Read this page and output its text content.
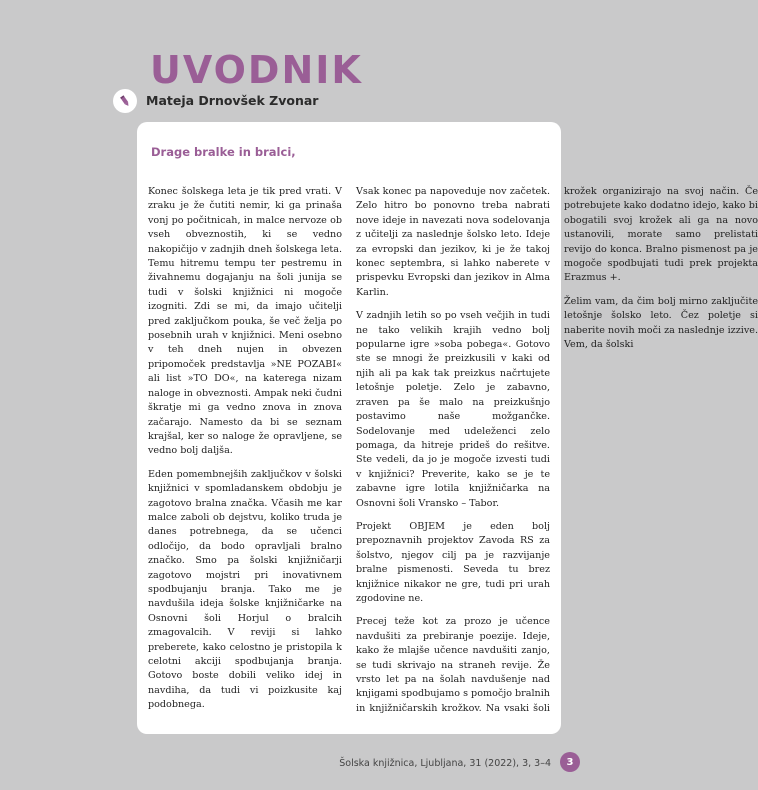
UVODNIK
Mateja Drnovšek Zvonar
Drage bralke in bralci,

Konec šolskega leta je tik pred vrati. V zraku je že čutiti nemir, ki ga prinaša vonj po počitnicah, in malce nervoze ob vseh obveznostih, ki se vedno nakopičijo v zadnjih dneh šolskega leta. Temu hitremu tempu ter pestremu in živahnemu dogajanju na šoli junija se tudi v šolski knjižnici ni mogoče izogniti. Zdi se mi, da imajo učitelji pred zaključkom pouka, še več želja po posebnih urah v knjižnici. Meni osebno v teh dneh nujen in obvezen pripomoček predstavlja »NE POZABI« ali list »TO DO«, na katerega nizam naloge in obveznosti. Ampak neki čudni škratje mi ga vedno znova in znova začarajo. Namesto da bi se seznam krajšal, ker so naloge že opravljene, se vedno bolj daljša.

Eden pomembnejših zaključkov v šolski knjižnici v spomladanskem obdobju je zagotovo bralna značka. Včasih me kar malce zaboli ob dejstvu, koliko truda je danes potrebnega, da se učenci odločijo, da bodo opravljali bralno značko. Smo pa šolski knjižničarji zagotovo mojstri pri inovativnem spodbujanju branja. Tako me je navdušila ideja šolske knjižničarke na Osnovni šoli Horjul o bralcih zmagovalcih. V reviji si lahko preberete, kako celostno je pristopila k celotni akciji spodbujanja branja. Gotovo boste dobili veliko idej in navdiha, da tudi vi poizkusite kaj podobnega.

Vsak konec pa napoveduje nov začetek. Zelo hitro bo ponovno treba nabrati nove ideje in navezati nova sodelovanja z učitelji za naslednje šolsko leto. Ideje za evropski dan jezikov, ki je že takoj konec septembra, si lahko naberete v prispevku Evropski dan jezikov in Alma Karlin.

V zadnjih letih so po vseh večjih in tudi ne tako velikih krajih vedno bolj popularne igre »soba pobega«. Gotovo ste se mnogi že preizkusili v kaki od njih ali pa kak tak preizkus načrtujete letošnje poletje. Zelo je zabavno, zraven pa še malo na preizkušnjo postavimo naše možgančke. Sodelovanje med udeleženci zelo pomaga, da hitreje prideš do rešitve. Ste vedeli, da jo je mogoče izvesti tudi v knjižnici? Preverite, kako se je te zabavne igre lotila knjižničarka na Osnovni šoli Vransko – Tabor.

Projekt OBJEM je eden bolj prepoznavnih projektov Zavoda RS za šolstvo, njegov cilj pa je razvijanje bralne pismenosti. Seveda tu brez knjižnice nikakor ne gre, tudi pri urah zgodovine ne.

Precej teže kot za prozo je učence navdušiti za prebiranje poezije. Ideje, kako že mlajše učence navdušiti zanjo, se tudi skrivajo na straneh revije. Že vrsto let pa na šolah navdušenje nad knjigami spodbujamo s pomočjo bralnih in knjižničarskih krožkov. Na vsaki šoli krožek organizirajo na svoj način. Če potrebujete kako dodatno idejo, kako bi obogatili svoj krožek ali ga na novo ustanovili, morate samo prelistati revijo do konca. Bralno pismenost pa je mogoče spodbujati tudi prek projekta Erazmus +.

Želim vam, da čim bolj mirno zaključite letošnje šolsko leto. Čez poletje si naberite novih moči za naslednje izzive. Vem, da šolski

Šolska knjižnica, Ljubljana, 31 (2022), 3, 3–4	3
